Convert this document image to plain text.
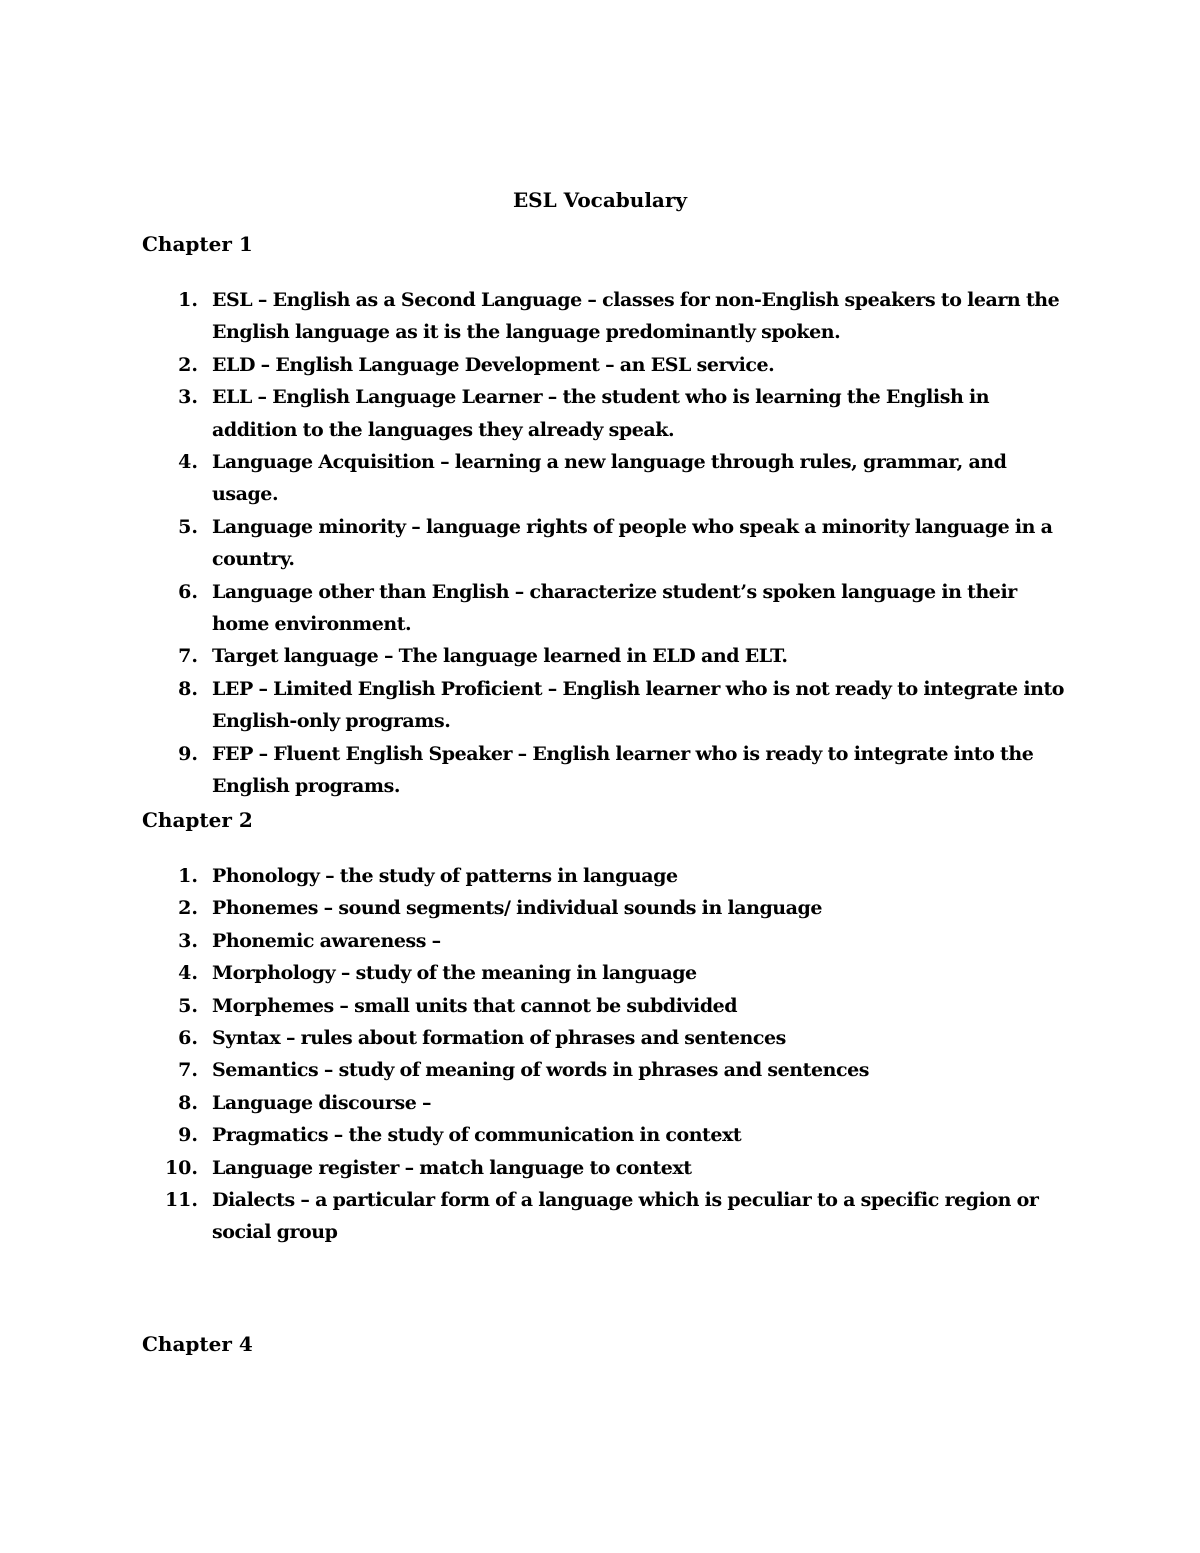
ESL Vocabulary
Chapter 1
1. ESL – English as a Second Language – classes for non-English speakers to learn the English language as it is the language predominantly spoken.
2. ELD – English Language Development – an ESL service.
3. ELL – English Language Learner – the student who is learning the English in addition to the languages they already speak.
4. Language Acquisition – learning a new language through rules, grammar, and usage.
5. Language minority – language rights of people who speak a minority language in a country.
6. Language other than English – characterize student’s spoken language in their home environment.
7. Target language – The language learned in ELD and ELT.
8. LEP – Limited English Proficient – English learner who is not ready to integrate into English-only programs.
9. FEP – Fluent English Speaker – English learner who is ready to integrate into the English programs.
Chapter 2
1. Phonology – the study of patterns in language
2. Phonemes – sound segments/ individual sounds in language
3. Phonemic awareness –
4. Morphology – study of the meaning in language
5. Morphemes – small units that cannot be subdivided
6. Syntax – rules about formation of phrases and sentences
7. Semantics – study of meaning of words in phrases and sentences
8. Language discourse –
9. Pragmatics – the study of communication in context
10. Language register – match language to context
11. Dialects – a particular form of a language which is peculiar to a specific region or social group
Chapter 4
